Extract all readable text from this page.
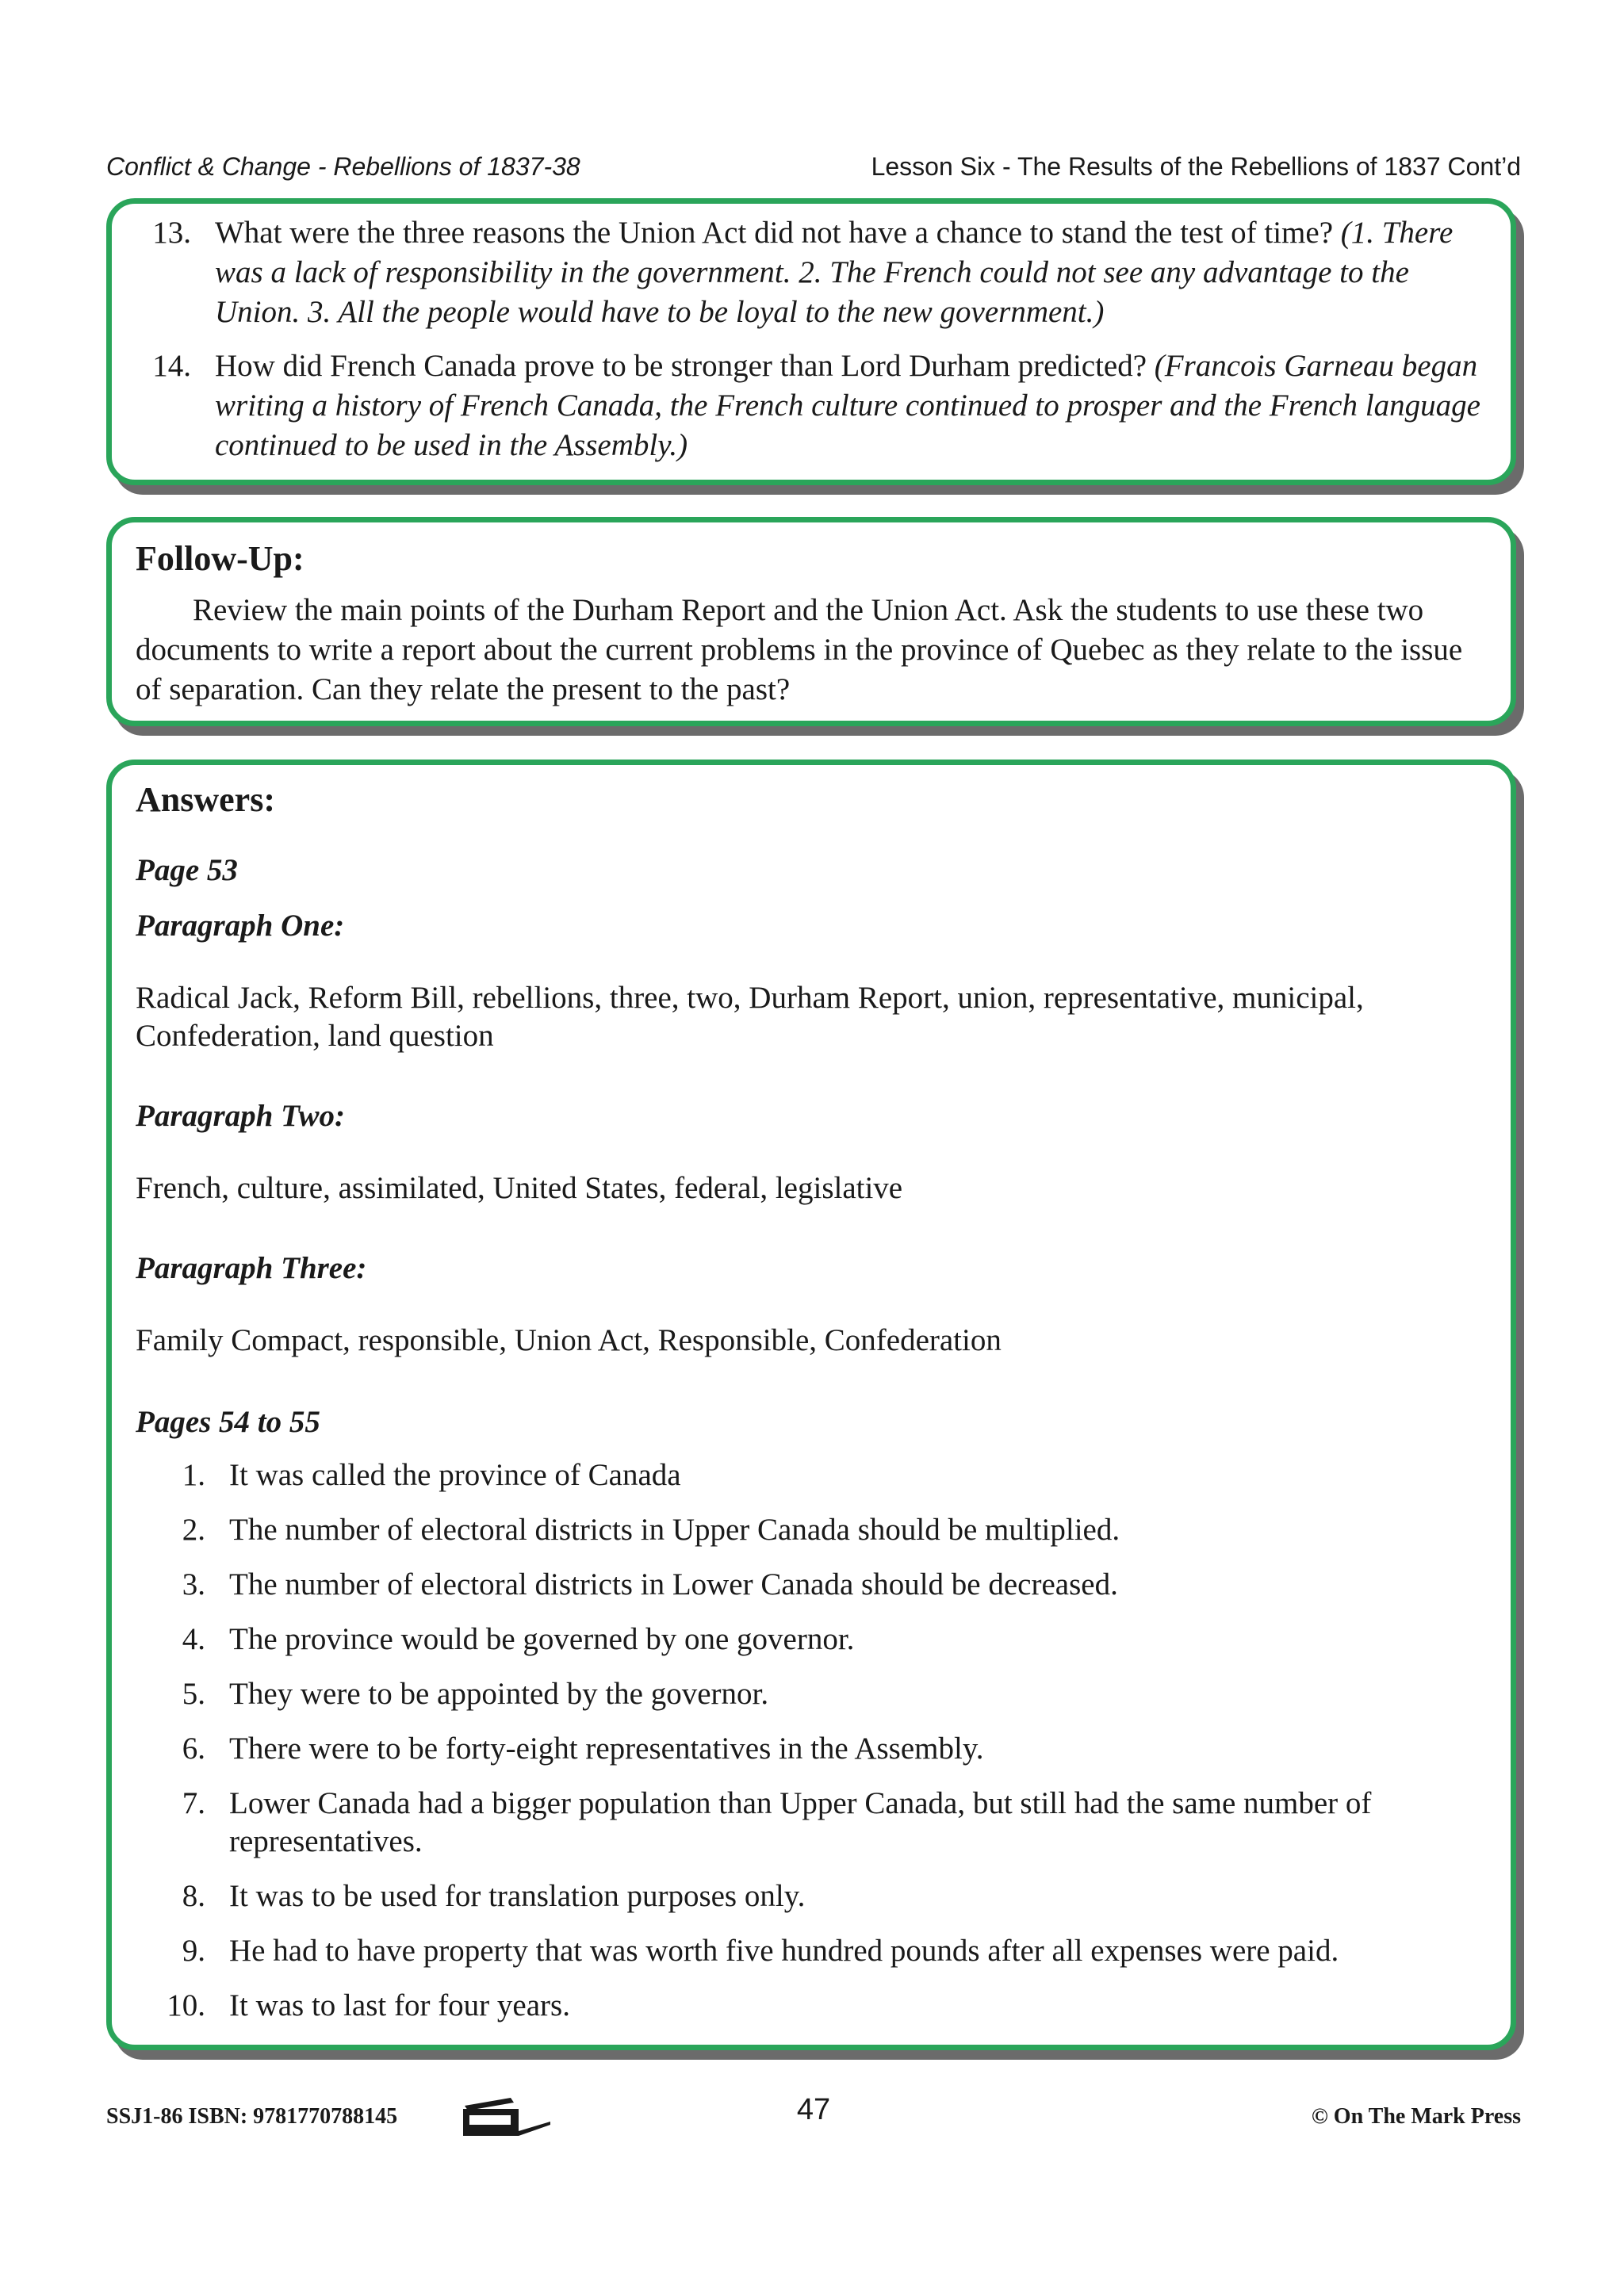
Conflict & Change - Rebellions of 1837-38	Lesson Six - The Results of the Rebellions of 1837 Cont’d
13. What were the three reasons the Union Act did not have a chance to stand the test of time? (1. There was a lack of responsibility in the government. 2. The French could not see any advantage to the Union. 3. All the people would have to be loyal to the new government.)
14. How did French Canada prove to be stronger than Lord Durham predicted? (Francois Garneau began writing a history of French Canada, the French culture continued to prosper and the French language continued to be used in the Assembly.)
Follow-Up:
Review the main points of the Durham Report and the Union Act. Ask the students to use these two documents to write a report about the current problems in the province of Quebec as they relate to the issue of separation. Can they relate the present to the past?
Answers:
Page 53
Paragraph One:
Radical Jack, Reform Bill, rebellions, three, two, Durham Report, union, representative, municipal, Confederation, land question
Paragraph Two:
French, culture, assimilated, United States, federal, legislative
Paragraph Three:
Family Compact, responsible, Union Act, Responsible, Confederation
Pages 54 to 55
1. It was called the province of Canada
2. The number of electoral districts in Upper Canada should be multiplied.
3. The number of electoral districts in Lower Canada should be decreased.
4. The province would be governed by one governor.
5. They were to be appointed by the governor.
6. There were to be forty-eight representatives in the Assembly.
7. Lower Canada had a bigger population than Upper Canada, but still had the same number of representatives.
8. It was to be used for translation purposes only.
9. He had to have property that was worth five hundred pounds after all expenses were paid.
10. It was to last for four years.
SSJ1-86 ISBN: 9781770788145	47	© On The Mark Press
